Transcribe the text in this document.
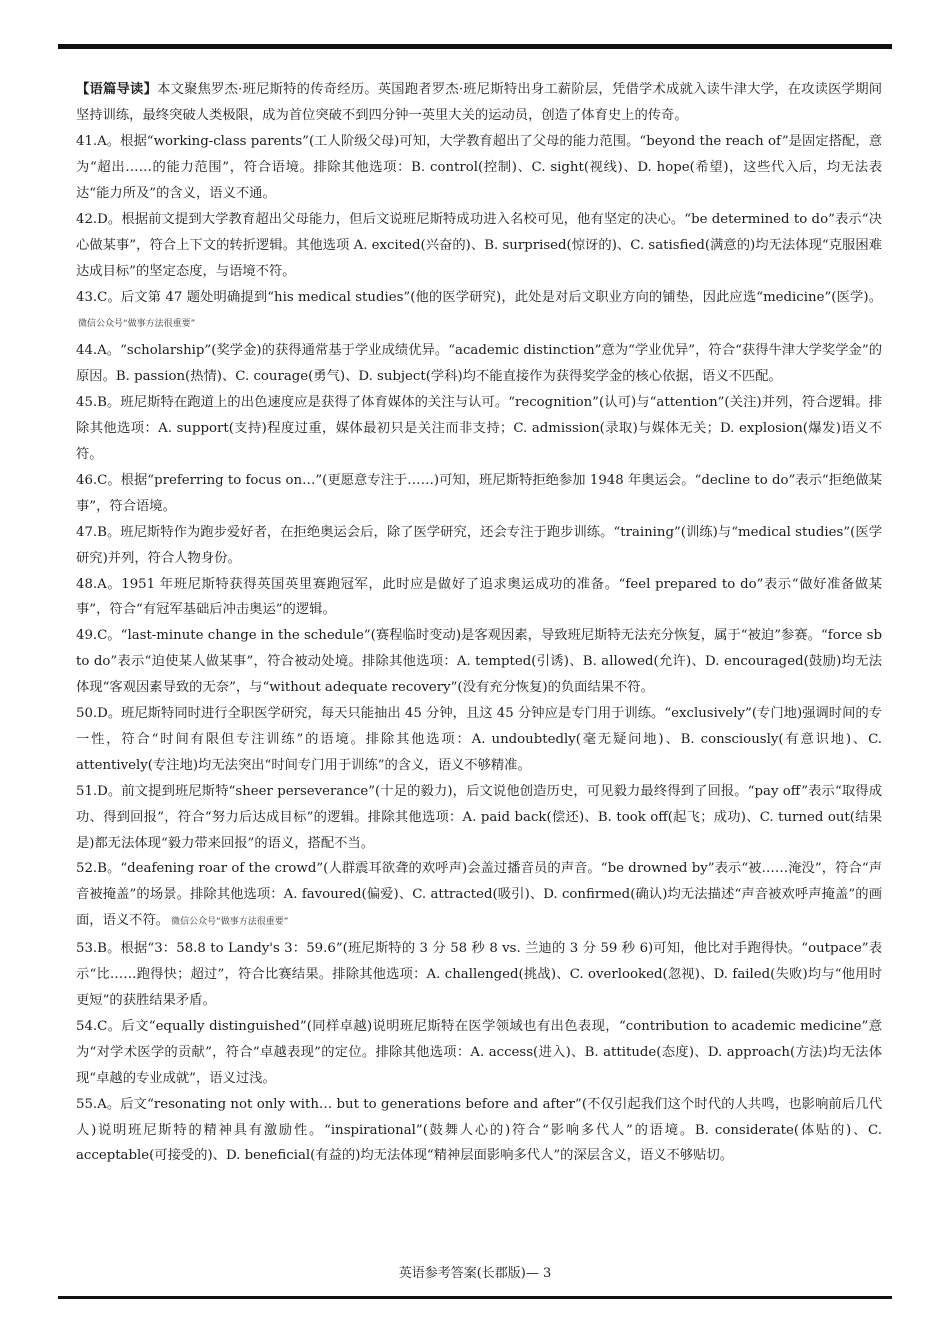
【语篇导读】本文聚焦罗杰·班尼斯特的传奇经历。英国跑者罗杰·班尼斯特出身工薪阶层，凭借学术成就入读牛津大学，在攻读医学期间坚持训练，最终突破人类极限，成为首位突破不到四分钟一英里大关的运动员，创造了体育史上的传奇。

41.A。根据“working-class parents”(工人阶级父母)可知，大学教育超出了父母的能力范围。“beyond the reach of”是固定搭配，意为“超出……的能力范围”，符合语境。排除其他选项：B. control(控制)、C. sight(视线)、D. hope(希望)，这些代入后，均无法表达“能力所及”的含义，语义不通。

42.D。根据前文提到大学教育超出父母能力，但后文说班尼斯特成功进入名校可见，他有坚定的决心。“be determined to do”表示“决心做某事”，符合上下文的转折逻辑。其他选项 A. excited(兴奋的)、B. surprised(惊讶的)、C. satisfied(满意的)均无法体现“克服困难达成目标”的坚定态度，与语境不符。

43.C。后文第 47 题处明确提到“his medical studies”(他的医学研究)，此处是对后文职业方向的铺垫，因此应选“medicine”(医学)。微信公众号“做事方法很重要”

44.A。“scholarship”(奖学金)的获得通常基于学业成绩优异。“academic distinction”意为“学业优异”，符合“获得牛津大学奖学金”的原因。B. passion(热情)、C. courage(勇气)、D. subject(学科)均不能直接作为获得奖学金的核心依据，语义不匹配。

45.B。班尼斯特在跑道上的出色速度应是获得了体育媒体的关注与认可。“recognition”(认可)与“attention”(关注)并列，符合逻辑。排除其他选项：A. support(支持)程度过重，媒体最初只是关注而非支持；C. admission(录取)与媒体无关；D. explosion(爆发)语义不符。

46.C。根据“preferring to focus on…”(更愿意专注于……)可知，班尼斯特拒绝参加 1948 年奥运会。“decline to do”表示“拒绝做某事”，符合语境。

47.B。班尼斯特作为跑步爱好者，在拒绝奥运会后，除了医学研究，还会专注于跑步训练。“training”(训练)与“medical studies”(医学研究)并列，符合人物身份。

48.A。1951 年班尼斯特获得英国英里赛跑冠军，此时应是做好了追求奥运成功的准备。“feel prepared to do”表示“做好准备做某事”，符合“有冠军基础后冲击奥运”的逻辑。

49.C。“last-minute change in the schedule”(赛程临时变动)是客观因素，导致班尼斯特无法充分恢复，属于“被迫”参赛。“force sb to do”表示“迫使某人做某事”，符合被动处境。排除其他选项：A. tempted(引诱)、B. allowed(允许)、D. encouraged(鼓励)均无法体现“客观因素导致的无奈”，与“without adequate recovery”(没有充分恢复)的负面结果不符。

50.D。班尼斯特同时进行全职医学研究，每天只能抽出 45 分钟，且这 45 分钟应是专门用于训练。“exclusively”(专门地)强调时间的专一性，符合“时间有限但专注训练”的语境。排除其他选项：A. undoubtedly(毫无疑问地)、B. consciously(有意识地)、C. attentively(专注地)均无法突出“时间专门用于训练”的含义，语义不够精准。

51.D。前文提到班尼斯特“sheer perseverance”(十足的毅力)，后文说他创造历史，可见毅力最终得到了回报。“pay off”表示“取得成功、得到回报”，符合“努力后达成目标”的逻辑。排除其他选项：A. paid back(偿还)、B. took off(起飞；成功)、C. turned out(结果是)都无法体现“毅力带来回报”的语义，搭配不当。

52.B。“deafening roar of the crowd”(人群震耳欲聋的欢呼声)会盖过播音员的声音。“be drowned by”表示“被……淹没”，符合“声音被掩盖”的场景。排除其他选项：A. favoured(偏爱)、C. attracted(吸引)、D. confirmed(确认)均无法描述“声音被欢呼声掩盖”的画面，语义不符。 微信公众号“做事方法很重要”

53.B。根据“3：58.8 to Landy's 3：59.6”(班尼斯特的 3 分 58 秒 8 vs. 兰迪的 3 分 59 秒 6)可知，他比对手跑得快。“outpace”表示“比……跑得快；超过”，符合比赛结果。排除其他选项：A. challenged(挑战)、C. overlooked(忽视)、D. failed(失败)均与“他用时更短”的获胜结果矛盾。

54.C。后文“equally distinguished”(同样卓越)说明班尼斯特在医学领域也有出色表现，“contribution to academic medicine”意为“对学术医学的贡献”，符合“卓越表现”的定位。排除其他选项：A. access(进入)、B. attitude(态度)、D. approach(方法)均无法体现“卓越的专业成就”，语义过浅。

55.A。后文“resonating not only with… but to generations before and after”(不仅引起我们这个时代的人共鸣，也影响前后几代人)说明班尼斯特的精神具有激励性。“inspirational”(鼓舞人心的)符合“影响多代人”的语境。B. considerate(体贴的)、C. acceptable(可接受的)、D. beneficial(有益的)均无法体现“精神层面影响多代人”的深层含义，语义不够贴切。

英语参考答案(长郡版)— 3
